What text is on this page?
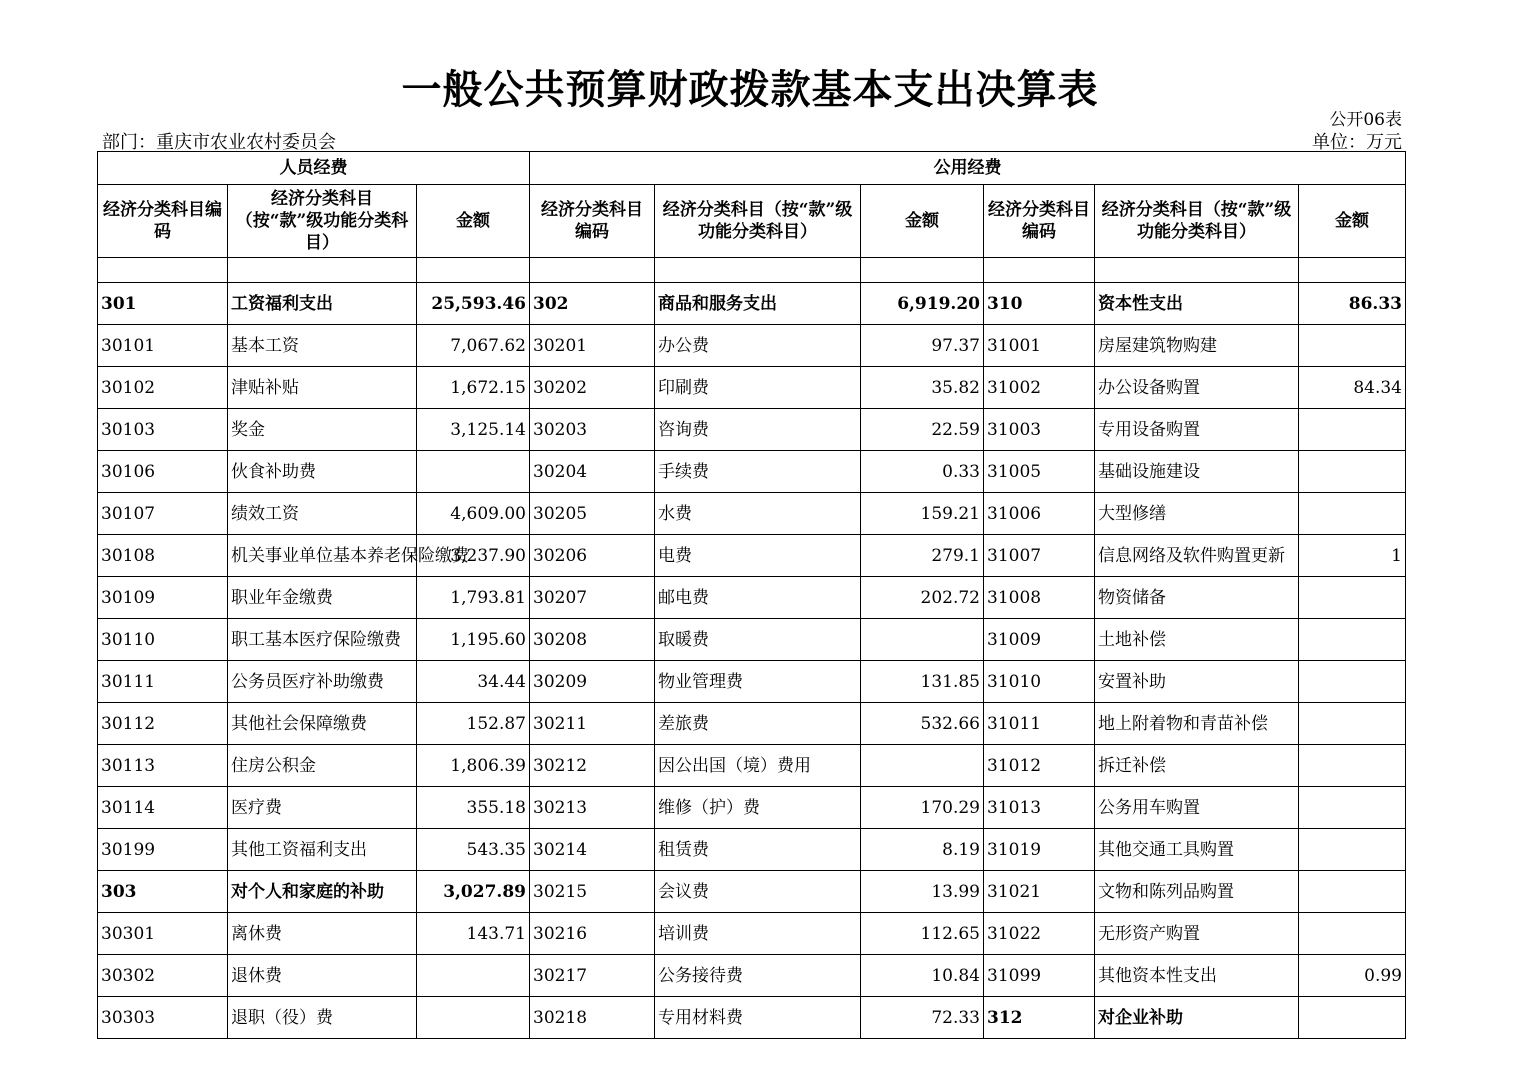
一般公共预算财政拨款基本支出决算表
公开06表
部门：重庆市农业农村委员会	单位：万元
人员经费			公用经费					
经济分类科目编码	经济分类科目（按“款”级功能分类科目）	金额	经济分类科目编码	经济分类科目（按“款”级功能分类科目）	金额	经济分类科目编码	经济分类科目（按“款”级功能分类科目）	金额

301	工资福利支出	25,593.46	302	商品和服务支出	6,919.20	310	资本性支出	86.33
30101	基本工资	7,067.62	30201	办公费	97.37	31001	房屋建筑物购建	
30102	津贴补贴	1,672.15	30202	印刷费	35.82	31002	办公设备购置	84.34
30103	奖金	3,125.14	30203	咨询费	22.59	31003	专用设备购置	
30106	伙食补助费		30204	手续费	0.33	31005	基础设施建设	
30107	绩效工资	4,609.00	30205	水费	159.21	31006	大型修缮	
30108	机关事业单位基本养老保险缴费	3,237.90	30206	电费	279.1	31007	信息网络及软件购置更新	1
30109	职业年金缴费	1,793.81	30207	邮电费	202.72	31008	物资储备	
30110	职工基本医疗保险缴费	1,195.60	30208	取暖费		31009	土地补偿	
30111	公务员医疗补助缴费	34.44	30209	物业管理费	131.85	31010	安置补助	
30112	其他社会保障缴费	152.87	30211	差旅费	532.66	31011	地上附着物和青苗补偿	
30113	住房公积金	1,806.39	30212	因公出国（境）费用		31012	拆迁补偿	
30114	医疗费	355.18	30213	维修（护）费	170.29	31013	公务用车购置	
30199	其他工资福利支出	543.35	30214	租赁费	8.19	31019	其他交通工具购置	
303	对个人和家庭的补助	3,027.89	30215	会议费	13.99	31021	文物和陈列品购置	
30301	离休费	143.71	30216	培训费	112.65	31022	无形资产购置	
30302	退休费		30217	公务接待费	10.84	31099	其他资本性支出	0.99
30303	退职（役）费		30218	专用材料费	72.33	312	对企业补助	
